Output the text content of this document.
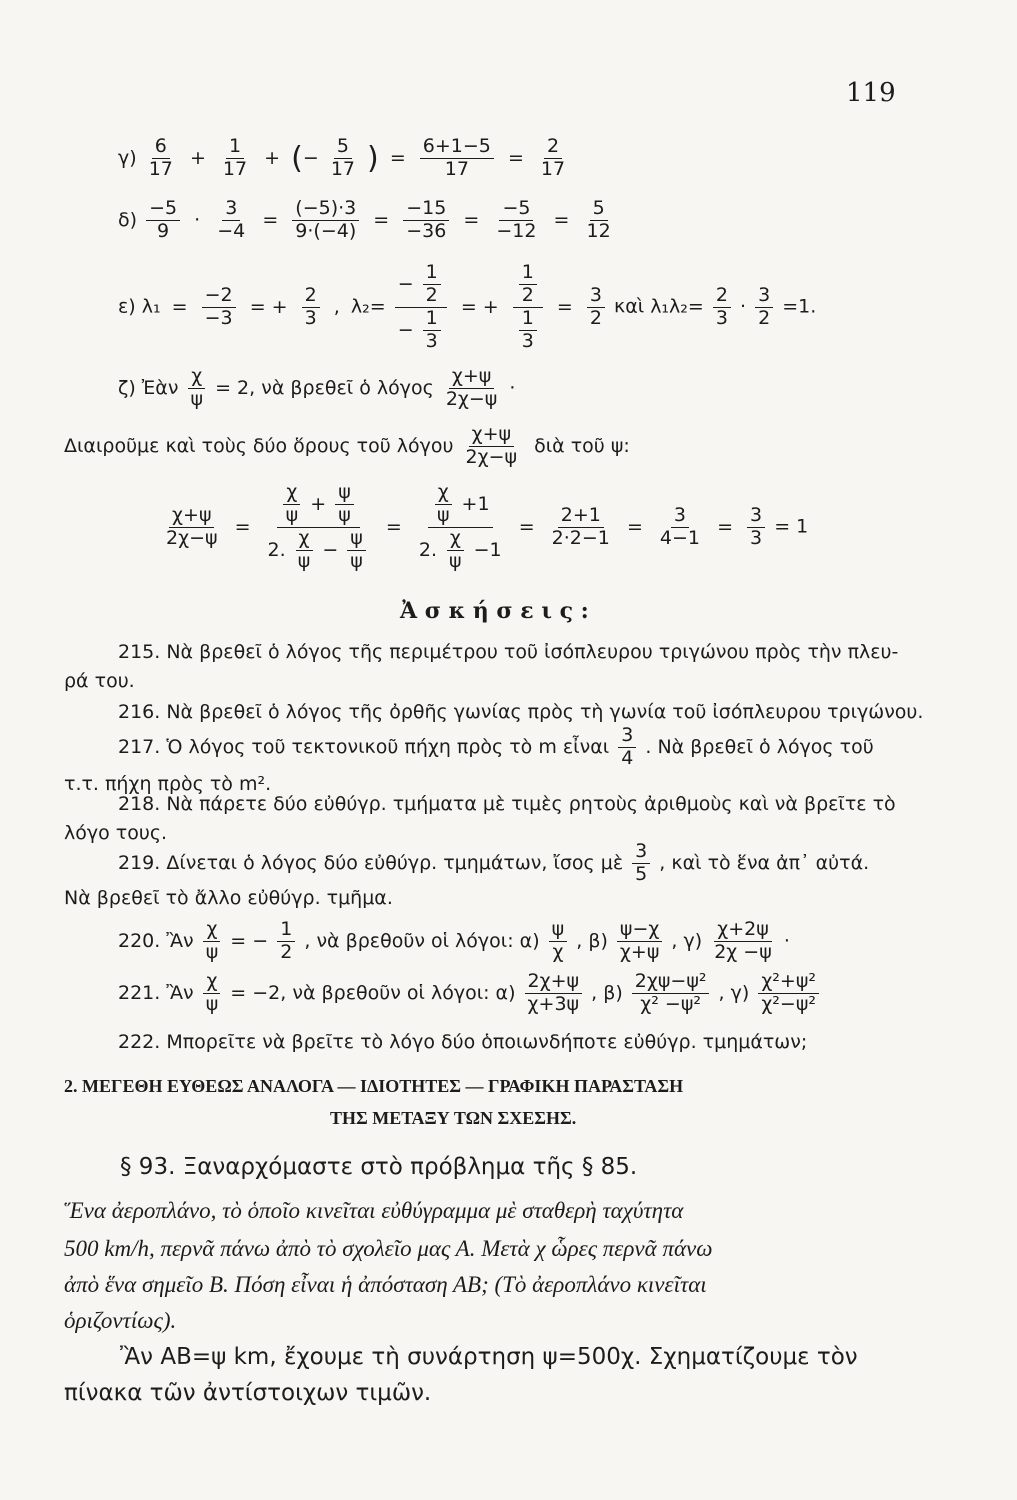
119
$\gamma) \frac{6}{17} + \frac{1}{17}$ + (− $\frac{5}{17}$ ) = $\frac{6+1-5}{17} = \frac{2}{17}$
$\delta) \frac{-5}{9} \cdot \frac{3}{-4} = \frac{(-5)\cdot 3}{9\cdot(-4)} = \frac{-15}{-36} = \frac{-5}{-12} = \frac{5}{12}$
ε) $\lambda_1 = \frac{-2}{-3}$ = + $\frac{2}{3}$ , $\lambda_2= \frac{- \frac{1}{2}}{- \frac{1}{3}}$ = + $\frac{\frac{1}{2}}{\frac{1}{3}} = \frac{3}{2}$ καὶ $\lambda_1\lambda_2= \frac{2}{3} \cdot \frac{3}{2} =1$.
ζ) Ἐὰν $\frac{\chi}{\psi} = 2$, νὰ βρεθεῖ ὁ λόγος $\frac{\chi+\psi}{2\chi-\psi}$ ·
Διαιροῦμε καὶ τοὺς δύο ὅρους τοῦ λόγου $\frac{\chi+\psi}{2\chi-\psi}$ διὰ τοῦ ψ:
$\frac{\chi+\psi}{2\chi-\psi} = \frac{\frac{\chi}{\psi} + \frac{\psi}{\psi}}{2. \frac{\chi}{\psi} - \frac{\psi}{\psi}} = \frac{\frac{\chi}{\psi} +1}{2. \frac{\chi}{\psi} -1} = \frac{2+1}{2\cdot 2-1} = \frac{3}{4-1} = \frac{3}{3} = 1$
Ἀ σ κ ή σ ε ι ς :
215. Νὰ βρεθεῖ ὁ λόγος τῆς περιμέτρου τοῦ ἰσόπλευρου τριγώνου πρὸς τὴν πλευ-
ρά του.
216. Νὰ βρεθεῖ ὁ λόγος τῆς ὀρθῆς γωνίας πρὸς τὴ γωνία τοῦ ἰσόπλευρου τριγώνου.
217. Ὁ λόγος τοῦ τεκτονικοῦ πήχη πρὸς τὸ m εἶναι $\frac{3}{4}$ . Νὰ βρεθεῖ ὁ λόγος τοῦ
τ.τ. πήχη πρὸς τὸ m².
218. Νὰ πάρετε δύο εὐθύγρ. τμήματα μὲ τιμὲς ρητοὺς ἀριθμοὺς καὶ νὰ βρεῖτε τὸ
λόγο τους.
219. Δίνεται ὁ λόγος δύο εὐθύγρ. τμημάτων, ἴσος μὲ $\frac{3}{5}$ , καὶ τὸ ἕνα ἀπ᾽ αὐτά.
Νὰ βρεθεῖ τὸ ἄλλο εὐθύγρ. τμῆμα.
220. Ἂν $\frac{\chi}{\psi}$ = − $\frac{1}{2}$ , νὰ βρεθοῦν οἱ λόγοι: $\alpha) \frac{\psi}{\chi}$ , $\beta) \frac{\psi-\chi}{\chi+\psi}$ , $\gamma) \frac{\chi+2\psi}{2\chi -\psi}$ ·
221. Ἂν $\frac{\chi}{\psi} = -2$, νὰ βρεθοῦν οἱ λόγοι: $\alpha) \frac{2\chi+\psi}{\chi+3\psi}$ , $\beta) \frac{\text{2χψ−ψ²}}{\text{χ² −ψ²}}$ , $\gamma) \frac{\text{χ²+ψ²}}{\text{χ²−ψ²}}$
222. Μπορεῖτε νὰ βρεῖτε τὸ λόγο δύο ὁποιωνδήποτε εὐθύγρ. τμημάτων;
2. ΜΕΓΕΘΗ ΕΥΘΕΩΣ ΑΝΑΛΟΓΑ — ΙΔΙΟΤΗΤΕΣ — ΓΡΑΦΙΚΗ ΠΑΡΑΣΤΑΣΗ
ΤΗΣ ΜΕΤΑΞΥ ΤΩΝ ΣΧΕΣΗΣ.
§ 93. Ξαναρχόμαστε στὸ πρόβλημα τῆς § 85.
Ἕνα ἀεροπλάνο, τὸ ὁποῖο κινεῖται εὐθύγραμμα μὲ σταθερὴ ταχύτητα
500 km/h, περνᾶ πάνω ἀπὸ τὸ σχολεῖο μας Α. Μετὰ χ ὧρες περνᾶ πάνω
ἀπὸ ἕνα σημεῖο Β. Πόση εἶναι ἡ ἀπόσταση ΑΒ; (Τὸ ἀεροπλάνο κινεῖται
ὁριζοντίως).
Ἂν ΑΒ=ψ km, ἔχουμε τὴ συνάρτηση ψ=500χ. Σχηματίζουμε τὸν
πίνακα τῶν ἀντίστοιχων τιμῶν.
